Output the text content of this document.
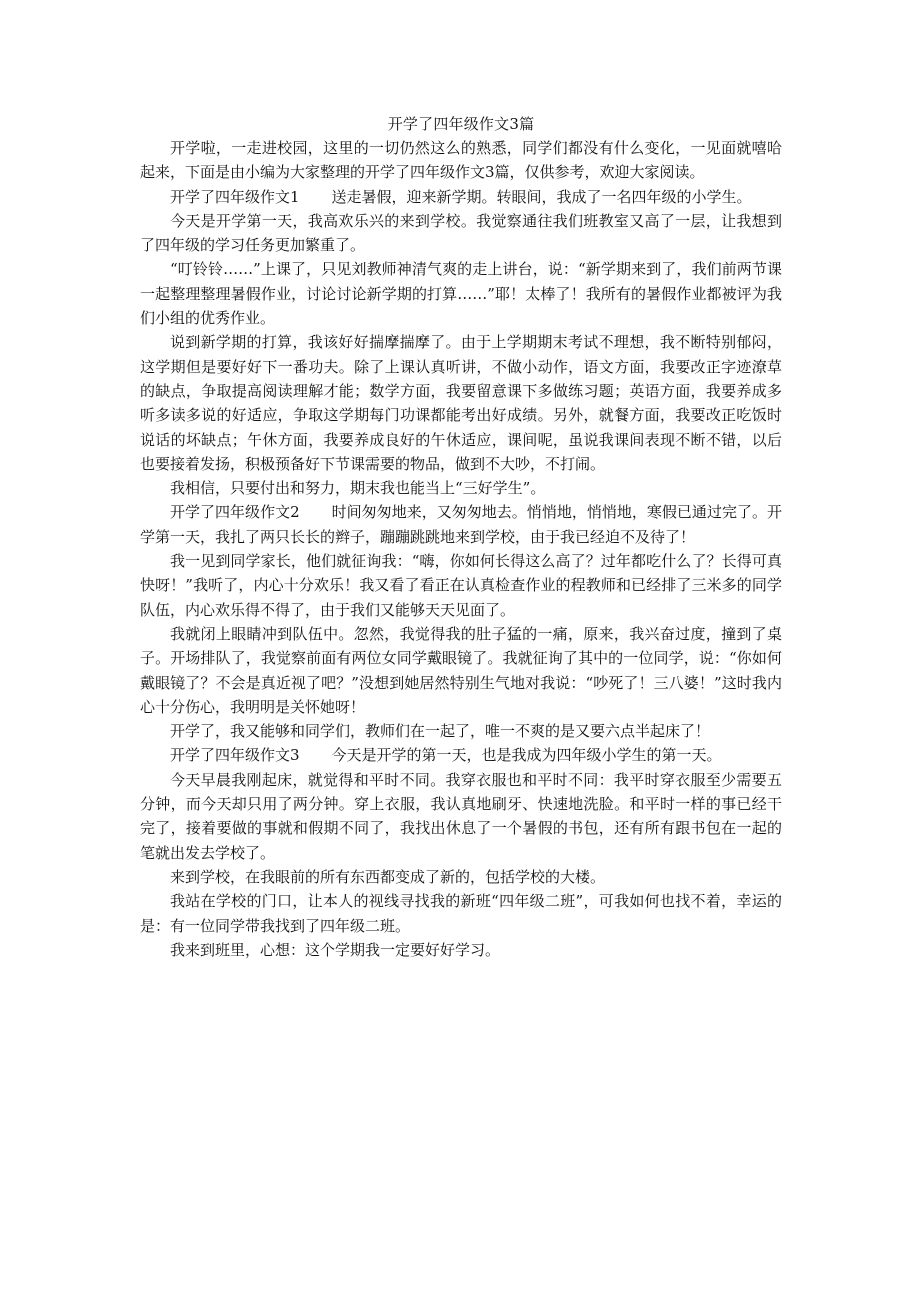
开学了四年级作文3篇

开学啦，一走进校园，这里的一切仍然这么的熟悉，同学们都没有什么变化，一见面就嘻哈起来，下面是由小编为大家整理的开学了四年级作文3篇，仅供参考，欢迎大家阅读。

开学了四年级作文1 送走暑假，迎来新学期。转眼间，我成了一名四年级的小学生。

今天是开学第一天，我高欢乐兴的来到学校。我觉察通往我们班教室又高了一层，让我想到了四年级的学习任务更加繁重了。

“叮铃铃……”上课了，只见刘教师神清气爽的走上讲台，说：“新学期来到了，我们前两节课一起整理整理暑假作业，讨论讨论新学期的打算……”耶！太棒了！我所有的暑假作业都被评为我们小组的优秀作业。

说到新学期的打算，我该好好揣摩揣摩了。由于上学期期末考试不理想，我不断特别郁闷，这学期但是要好好下一番功夫。除了上课认真听讲，不做小动作，语文方面，我要改正字迹潦草的缺点，争取提高阅读理解才能；数学方面，我要留意课下多做练习题；英语方面，我要养成多听多读多说的好适应，争取这学期每门功课都能考出好成绩。另外，就餐方面，我要改正吃饭时说话的坏缺点；午休方面，我要养成良好的午休适应，课间呢，虽说我课间表现不断不错，以后也要接着发扬，积极预备好下节课需要的物品，做到不大吵，不打闹。

我相信，只要付出和努力，期末我也能当上“三好学生”。

开学了四年级作文2 时间匆匆地来，又匆匆地去。悄悄地，悄悄地，寒假已通过完了。开学第一天，我扎了两只长长的辫子，蹦蹦跳跳地来到学校，由于我已经迫不及待了！

我一见到同学家长，他们就征询我：“嗨，你如何长得这么高了？过年都吃什么了？长得可真快呀！”我听了，内心十分欢乐！我又看了看正在认真检查作业的程教师和已经排了三米多的同学队伍，内心欢乐得不得了，由于我们又能够天天见面了。

我就闭上眼睛冲到队伍中。忽然，我觉得我的肚子猛的一痛，原来，我兴奋过度，撞到了桌子。开场排队了，我觉察前面有两位女同学戴眼镜了。我就征询了其中的一位同学，说：“你如何戴眼镜了？不会是真近视了吧？”没想到她居然特别生气地对我说：“吵死了！三八婆！”这时我内心十分伤心，我明明是关怀她呀！

开学了，我又能够和同学们，教师们在一起了，唯一不爽的是又要六点半起床了！

开学了四年级作文3 今天是开学的第一天，也是我成为四年级小学生的第一天。

今天早晨我刚起床，就觉得和平时不同。我穿衣服也和平时不同：我平时穿衣服至少需要五分钟，而今天却只用了两分钟。穿上衣服，我认真地刷牙、快速地洗脸。和平时一样的事已经干完了，接着要做的事就和假期不同了，我找出休息了一个暑假的书包，还有所有跟书包在一起的笔就出发去学校了。

来到学校，在我眼前的所有东西都变成了新的，包括学校的大楼。

我站在学校的门口，让本人的视线寻找我的新班“四年级二班”，可我如何也找不着，幸运的是：有一位同学带我找到了四年级二班。

我来到班里，心想：这个学期我一定要好好学习。
